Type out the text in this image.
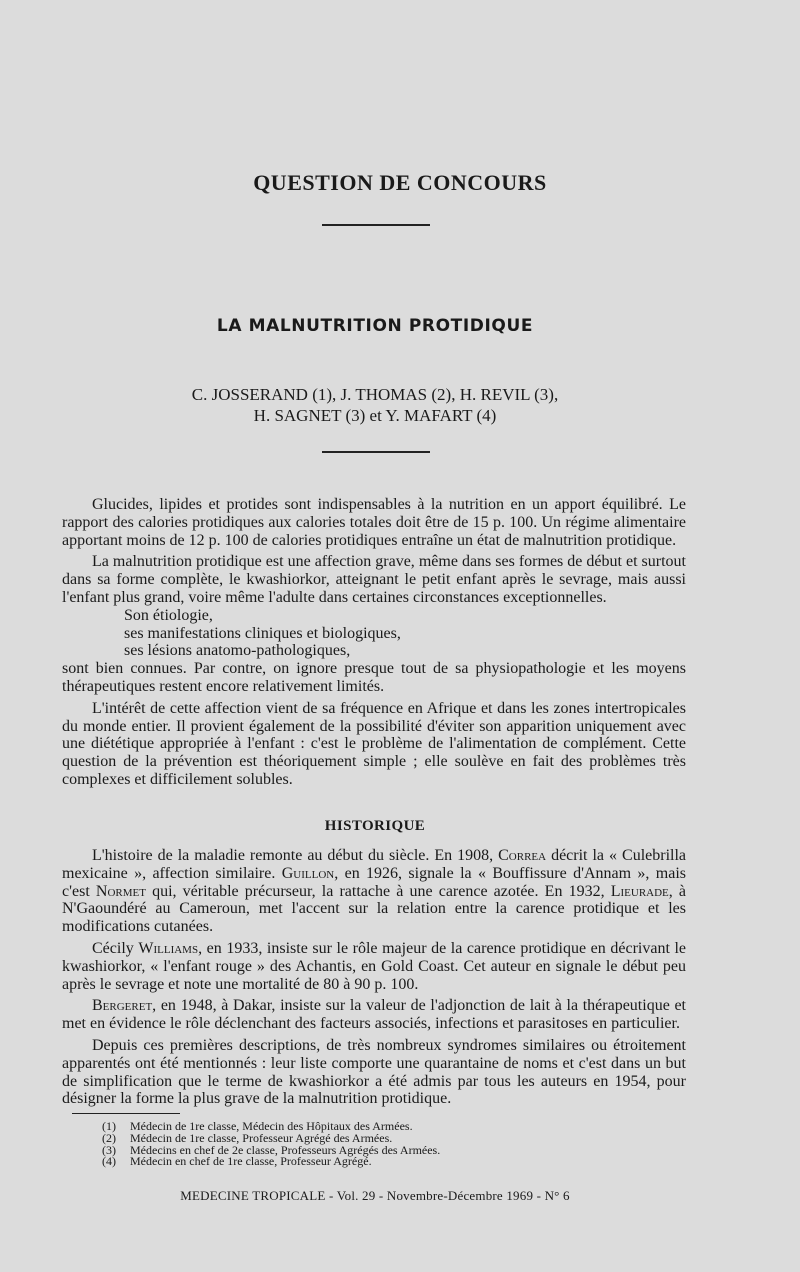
QUESTION DE CONCOURS
LA MALNUTRITION PROTIDIQUE
C. JOSSERAND (1), J. THOMAS (2), H. REVIL (3),
H. SAGNET (3) et Y. MAFART (4)

Glucides, lipides et protides sont indispensables à la nutrition en un apport équilibré. Le rapport des calories protidiques aux calories totales doit être de 15 p. 100. Un régime alimentaire apportant moins de 12 p. 100 de calories protidiques entraîne un état de malnutrition protidique.

La malnutrition protidique est une affection grave, même dans ses formes de début et surtout dans sa forme complète, le kwashiorkor, atteignant le petit enfant après le sevrage, mais aussi l'enfant plus grand, voire même l'adulte dans certaines circonstances exceptionnelles.

Son étiologie,

ses manifestations cliniques et biologiques,

ses lésions anatomo-pathologiques,

sont bien connues. Par contre, on ignore presque tout de sa physiopathologie et les moyens thérapeutiques restent encore relativement limités.

L'intérêt de cette affection vient de sa fréquence en Afrique et dans les zones intertropicales du monde entier. Il provient également de la possibilité d'éviter son apparition uniquement avec une diététique appropriée à l'enfant : c'est le problème de l'alimentation de complément. Cette question de la prévention est théoriquement simple ; elle soulève en fait des problèmes très complexes et difficilement solubles.

HISTORIQUE

L'histoire de la maladie remonte au début du siècle. En 1908, Correa décrit la « Culebrilla mexicaine », affection similaire. Guillon, en 1926, signale la « Bouffissure d'Annam », mais c'est Normet qui, véritable précurseur, la rattache à une carence azotée. En 1932, Lieurade, à N'Gaoundéré au Cameroun, met l'accent sur la relation entre la carence protidique et les modifications cutanées.

Cécily Williams, en 1933, insiste sur le rôle majeur de la carence protidique en décrivant le kwashiorkor, « l'enfant rouge » des Achantis, en Gold Coast. Cet auteur en signale le début peu après le sevrage et note une mortalité de 80 à 90 p. 100.

Bergeret, en 1948, à Dakar, insiste sur la valeur de l'adjonction de lait à la thérapeutique et met en évidence le rôle déclenchant des facteurs associés, infections et parasitoses en particulier.

Depuis ces premières descriptions, de très nombreux syndromes similaires ou étroitement apparentés ont été mentionnés : leur liste comporte une quarantaine de noms et c'est dans un but de simplification que le terme de kwashiorkor a été admis par tous les auteurs en 1954, pour désigner la forme la plus grave de la malnutrition protidique.

(1)	Médecin de 1re classe, Médecin des Hôpitaux des Armées.
(2)	Médecin de 1re classe, Professeur Agrégé des Armées.
(3)	Médecins en chef de 2e classe, Professeurs Agrégés des Armées.
(4)	Médecin en chef de 1re classe, Professeur Agrégé.
MEDECINE TROPICALE - Vol. 29 - Novembre-Décembre 1969 - N° 6
